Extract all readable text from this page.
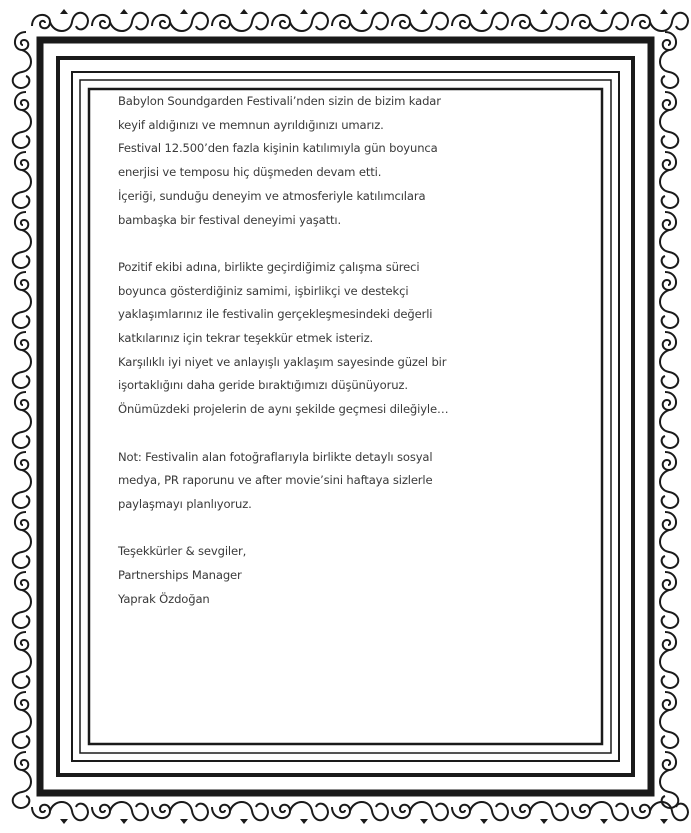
Babylon Soundgarden Festivali’nden sizin de bizim kadar
keyif aldığınızı ve memnun ayrıldığınızı umarız.
Festival 12.500’den fazla kişinin katılımıyla gün boyunca
enerjisi ve temposu hiç düşmeden devam etti.
İçeriği, sunduğu deneyim ve atmosferiyle katılımcılara
bambaşka bir festival deneyimi yaşattı.
Pozitif ekibi adına, birlikte geçirdiğimiz çalışma süreci
boyunca gösterdiğiniz samimi, işbirlikçi ve destekçi
yaklaşımlarınız ile festivalin gerçekleşmesindeki değerli
katkılarınız için tekrar teşekkür etmek isteriz.
Karşılıklı iyi niyet ve anlayışlı yaklaşım sayesinde güzel bir
işortaklığını daha geride bıraktığımızı düşünüyoruz.
Önümüzdeki projelerin de aynı şekilde geçmesi dileğiyle…
Not: Festivalin alan fotoğraflarıyla birlikte detaylı sosyal
medya, PR raporunu ve after movie’sini haftaya sizlerle
paylaşmayı planlıyoruz.
Teşekkürler & sevgiler,
Partnerships Manager
Yaprak Özdoğan
